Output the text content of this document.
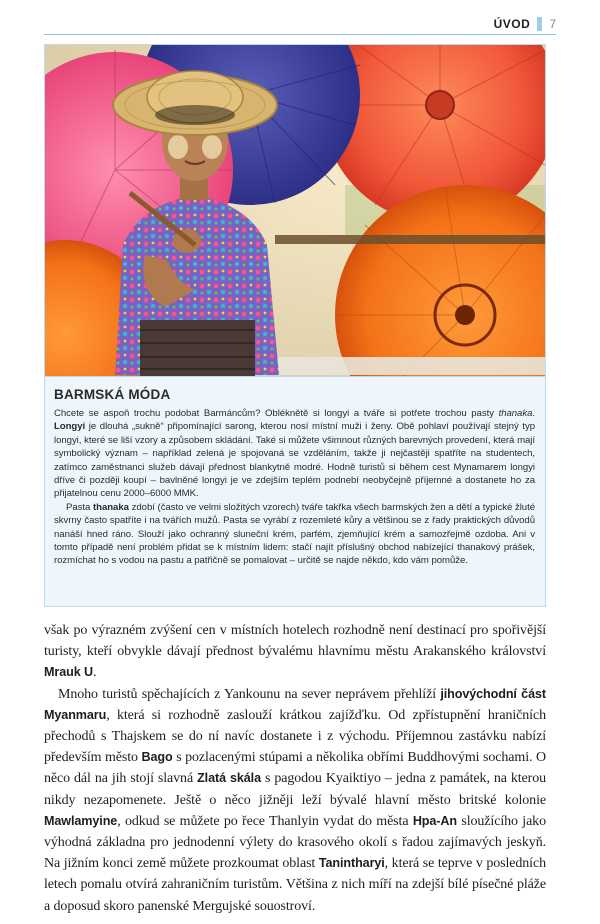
ÚVOD 7
BARMSKÁ MÓDA

Chcete se aspoň trochu podobat Barmáncům? Obléknětě si longyi a tváře si potřete trochou pasty thanaka. Longyi je dlouhá „sukně“ připomínající sarong, kterou nosí místní muži i ženy. Obě pohlaví používají stejný typ longyi, které se liší vzory a způsobem skládání. Také si můžete všimnout různých barevných provedení, která mají symbolický význam – například zelená je spojovaná se vzděláním, takže ji nejčastěji spatříte na studentech, zatímco zaměstnanci služeb dávají přednost blankytně modré. Hodně turistů si během cest Mynamarem longyi dříve či později koupí – bavlněné longyi je ve zdejším teplém podnebí neobyčejně příjemné a dostanete ho za přijatelnou cenu 2000–6000 MMK.

Pasta thanaka zdobí (často ve velmi složitých vzorech) tváře takřka všech barmských žen a dětí a typické žluté skvrny často spatříte i na tvářích mužů. Pasta se vyrábí z rozemleté kůry a většinou se z řady praktických důvodů nanáší hned ráno. Slouží jako ochranný sluneční krém, parfém, zjemňující krém a samozřejmě ozdoba. Ani v tomto případě není problém přidat se k místním lidem: stačí najít příslušný obchod nabízející thanakový prášek, rozmíchat ho s vodou na pastu a patřičně se pomalovat – určitě se najde někdo, kdo vám pomůže.

však po výrazném zvýšení cen v místních hotelech rozhodně není destinací pro spořivější turisty, kteří obvykle dávají přednost bývalému hlavnímu městu Arakanského království Mrauk U.

Mnoho turistů spěchajících z Yankounu na sever neprávem přehlíží jihovýchodní část Myanmaru, která si rozhodně zaslouží krátkou zajížďku. Od zpřístupnění hraničních přechodů s Thajskem se do ní navíc dostanete i z východu. Příjemnou zastávku nabízí především město Bago s pozlacenými stúpami a několika obřími Buddhovými sochami. O něco dál na jih stojí slavná Zlatá skála s pagodou Kyaiktiyo – jedna z památek, na kterou nikdy nezapomenete. Ještě o něco jižněji leží bývalé hlavní město britské kolonie Mawlamyine, odkud se můžete po řece Thanlyin vydat do města Hpa-An sloužícího jako výhodná základna pro jednodenní výlety do krasového okolí s řadou zajímavých jeskyň. Na jižním konci země můžete prozkoumat oblast Tanintharyi, která se teprve v posledních letech pomalu otvírá zahraničním turistům. Většina z nich míří na zdejší bílé písečné pláže a doposud skoro panenské Mergujské souostroví.
